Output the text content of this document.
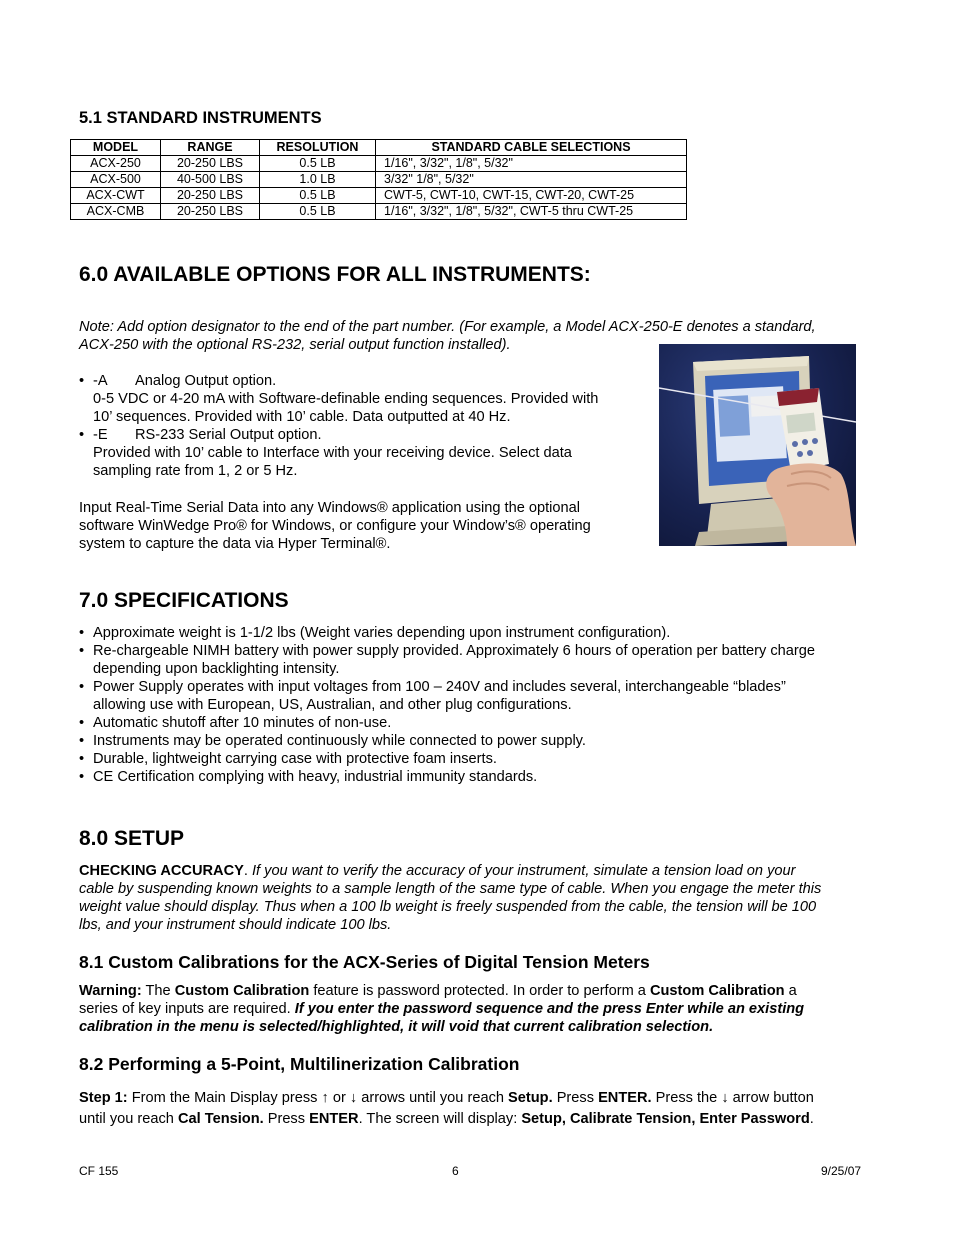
5.1 STANDARD INSTRUMENTS
MODEL	RANGE	RESOLUTION	STANDARD CABLE SELECTIONS
ACX-250	20-250 LBS	0.5 LB	1/16", 3/32", 1/8", 5/32"
ACX-500	40-500 LBS	1.0 LB	3/32" 1/8", 5/32"
ACX-CWT	20-250 LBS	0.5 LB	CWT-5, CWT-10, CWT-15, CWT-20, CWT-25
ACX-CMB	20-250 LBS	0.5 LB	1/16", 3/32", 1/8", 5/32", CWT-5 thru CWT-25
6.0 AVAILABLE OPTIONS FOR ALL INSTRUMENTS:
Note: Add option designator to the end of the part number. (For example, a Model ACX-250-E denotes a standard,
ACX-250 with the optional RS-232, serial output function installed).
• -A Analog Output option.
0-5 VDC or 4-20 mA with Software-definable ending sequences. Provided with
10’ sequences. Provided with 10’ cable. Data outputted at 40 Hz.
• -E RS-233 Serial Output option.
Provided with 10’ cable to Interface with your receiving device. Select data
sampling rate from 1, 2 or 5 Hz.
Input Real-Time Serial Data into any Windows® application using the optional
software WinWedge Pro® for Windows, or configure your Window’s® operating
system to capture the data via Hyper Terminal®.
7.0 SPECIFICATIONS
• Approximate weight is 1-1/2 lbs (Weight varies depending upon instrument configuration).
• Re-chargeable NIMH battery with power supply provided. Approximately 6 hours of operation per battery charge
depending upon backlighting intensity.
• Power Supply operates with input voltages from 100 – 240V and includes several, interchangeable “blades”
allowing use with European, US, Australian, and other plug configurations.
• Automatic shutoff after 10 minutes of non-use.
• Instruments may be operated continuously while connected to power supply.
• Durable, lightweight carrying case with protective foam inserts.
• CE Certification complying with heavy, industrial immunity standards.
8.0 SETUP
CHECKING ACCURACY. If you want to verify the accuracy of your instrument, simulate a tension load on your
cable by suspending known weights to a sample length of the same type of cable. When you engage the meter this
weight value should display. Thus when a 100 lb weight is freely suspended from the cable, the tension will be 100
lbs, and your instrument should indicate 100 lbs.
8.1 Custom Calibrations for the ACX-Series of Digital Tension Meters
Warning: The Custom Calibration feature is password protected. In order to perform a Custom Calibration a
series of key inputs are required. If you enter the password sequence and the press Enter while an existing
calibration in the menu is selected/highlighted, it will void that current calibration selection.
8.2 Performing a 5-Point, Multilinerization Calibration
Step 1: From the Main Display press ↑ or ↓ arrows until you reach Setup. Press ENTER. Press the ↓ arrow button
until you reach Cal Tension. Press ENTER. The screen will display: Setup, Calibrate Tension, Enter Password.
CF 155	6	9/25/07
